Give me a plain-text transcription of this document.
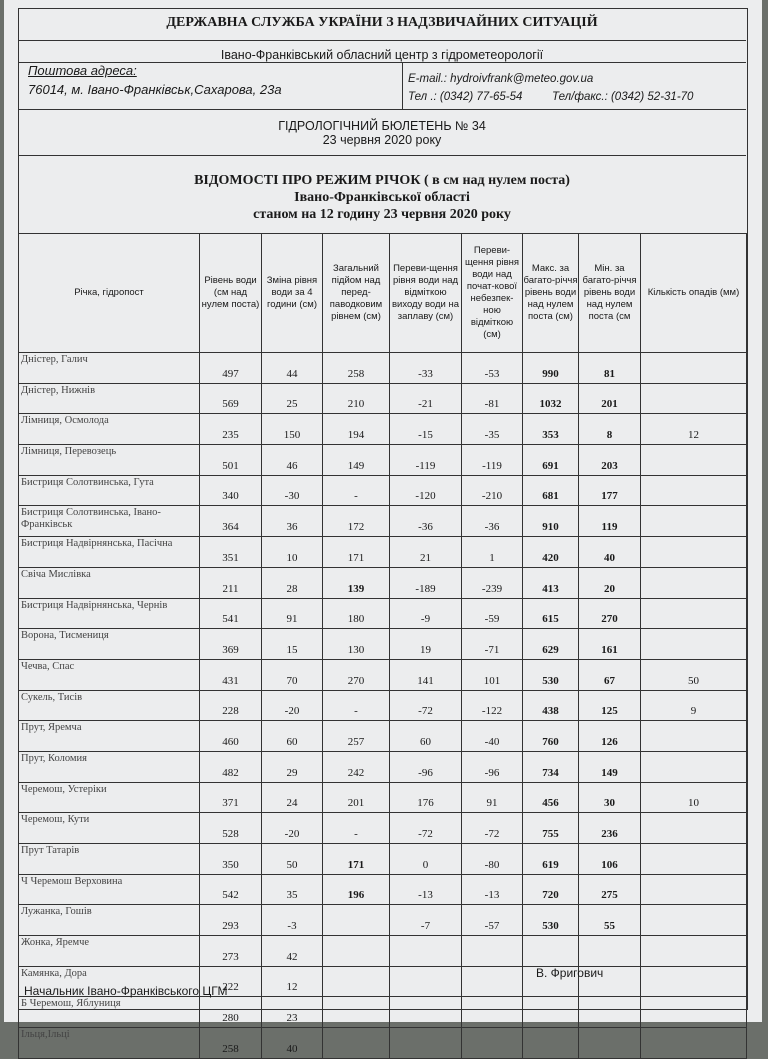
ДЕРЖАВНА СЛУЖБА УКРАЇНИ З НАДЗВИЧАЙНИХ СИТУАЦІЙ
Івано-Франківський обласний центр з гідрометеорології
Поштова адреса:
76014, м. Івано-Франківськ,Сахарова, 23а
E-mail.: hydroivfrank@meteo.gov.ua
Тел .: (0342) 77-65-54	Тел/факс.: (0342) 52-31-70
ГІДРОЛОГІЧНИЙ БЮЛЕТЕНЬ № 34
23 червня 2020 року
ВІДОМОСТІ ПРО РЕЖИМ РІЧОК ( в см над нулем поста)
Івано-Франківської області
станом на 12 годину 23 червня 2020 року
Річка, гідропост	Рівень води (см над нулем поста)	Зміна рівня води за 4 години (см)	Загальний підйом над перед-паводковим рівнем (см)	Переви-щення рівня води над відміткою виходу води на заплаву (см)	Переви-щення рівня води над почат-кової небезпек-ною відміткою (см)	Макс. за багато-річчя рівень води над нулем поста (см)	Мін. за багато-річчя рівень води над нулем поста (см	Кількість опадів (мм)
Дністер, Галич	497	44	258	-33	-53	990	81	
Дністер, Нижнів	569	25	210	-21	-81	1032	201	
Лімниця, Осмолода	235	150	194	-15	-35	353	8	12
Лімниця, Перевозець	501	46	149	-119	-119	691	203	
Бистриця Солотвинська, Гута	340	-30	-	-120	-210	681	177	
Бистриця Солотвинська, Івано-Франківськ	364	36	172	-36	-36	910	119	
Бистриця Надвірнянська, Пасічна	351	10	171	21	1	420	40	
Свіча Мислівка	211	28	139	-189	-239	413	20	
Бистриця Надвірнянська, Чернів	541	91	180	-9	-59	615	270	
Ворона, Тисмениця	369	15	130	19	-71	629	161	
Чечва, Спас	431	70	270	141	101	530	67	50
Сукель, Тисів	228	-20	-	-72	-122	438	125	9
Прут, Яремча	460	60	257	60	-40	760	126	
Прут, Коломия	482	29	242	-96	-96	734	149	
Черемош, Устеріки	371	24	201	176	91	456	30	10
Черемош, Кути	528	-20	-	-72	-72	755	236	
Прут Татарів	350	50	171	0	-80	619	106	
Ч Черемош Верховина	542	35	196	-13	-13	720	275	
Лужанка, Гошів	293	-3		-7	-57	530	55	
Жонка, Яремче	273	42						
Камянка, Дора	222	12						
Б Черемош, Яблуниця	280	23						
Ільця,Ільці	258	40						
В. Фригович
Начальник Івано-Франківського ЦГМ
